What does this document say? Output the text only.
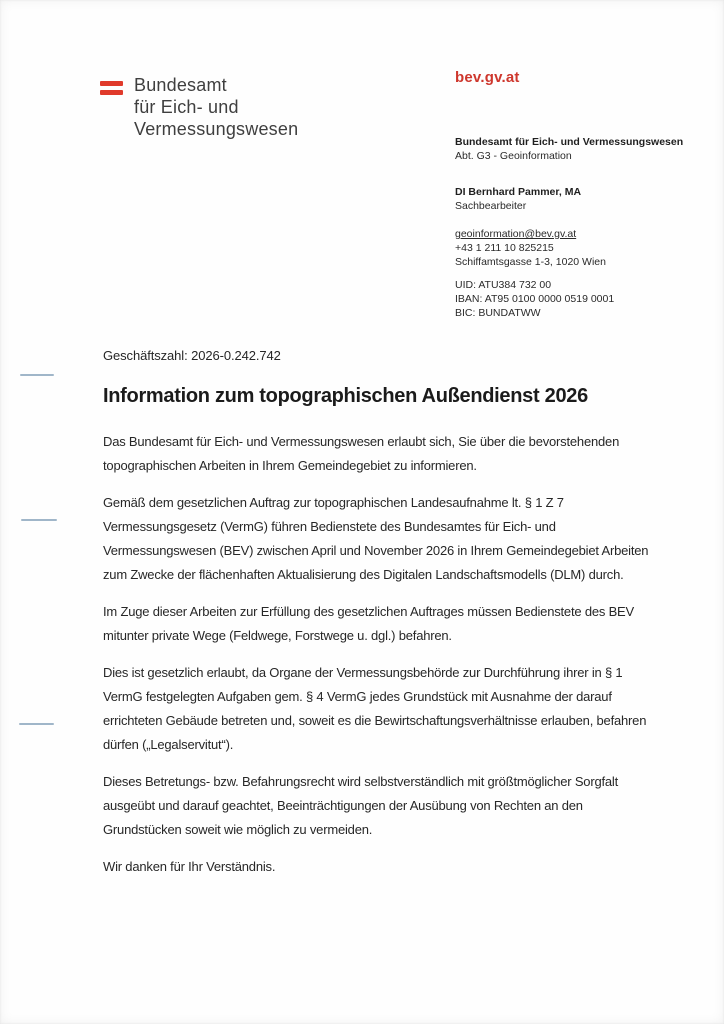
Bundesamt
für Eich- und
Vermessungswesen
bev.gv.at
Bundesamt für Eich- und Vermessungswesen
Abt. G3 - Geoinformation
DI Bernhard Pammer, MA
Sachbearbeiter
geoinformation@bev.gv.at
+43 1 211 10 825215
Schiffamtsgasse 1-3, 1020 Wien
UID: ATU384 732 00
IBAN: AT95 0100 0000 0519 0001
BIC: BUNDATWW
Geschäftszahl: 2026-0.242.742
Information zum topographischen Außendienst 2026

Das Bundesamt für Eich- und Vermessungswesen erlaubt sich, Sie über die bevorstehenden topographischen Arbeiten in Ihrem Gemeindegebiet zu informieren.

Gemäß dem gesetzlichen Auftrag zur topographischen Landesaufnahme lt. § 1 Z 7 Vermessungsgesetz (VermG) führen Bedienstete des Bundesamtes für Eich- und Vermessungswesen (BEV) zwischen April und November 2026 in Ihrem Gemeindegebiet Arbeiten zum Zwecke der flächenhaften Aktualisierung des Digitalen Landschaftsmodells (DLM) durch.

Im Zuge dieser Arbeiten zur Erfüllung des gesetzlichen Auftrages müssen Bedienstete des BEV mitunter private Wege (Feldwege, Forstwege u. dgl.) befahren.

Dies ist gesetzlich erlaubt, da Organe der Vermessungsbehörde zur Durchführung ihrer in § 1 VermG festgelegten Aufgaben gem. § 4 VermG jedes Grundstück mit Ausnahme der darauf errichteten Gebäude betreten und, soweit es die Bewirtschaftungsverhältnisse erlauben, befahren dürfen („Legalservitut“).

Dieses Betretungs- bzw. Befahrungsrecht wird selbstverständlich mit größtmöglicher Sorgfalt ausgeübt und darauf geachtet, Beeinträchtigungen der Ausübung von Rechten an den Grundstücken soweit wie möglich zu vermeiden.

Wir danken für Ihr Verständnis.
